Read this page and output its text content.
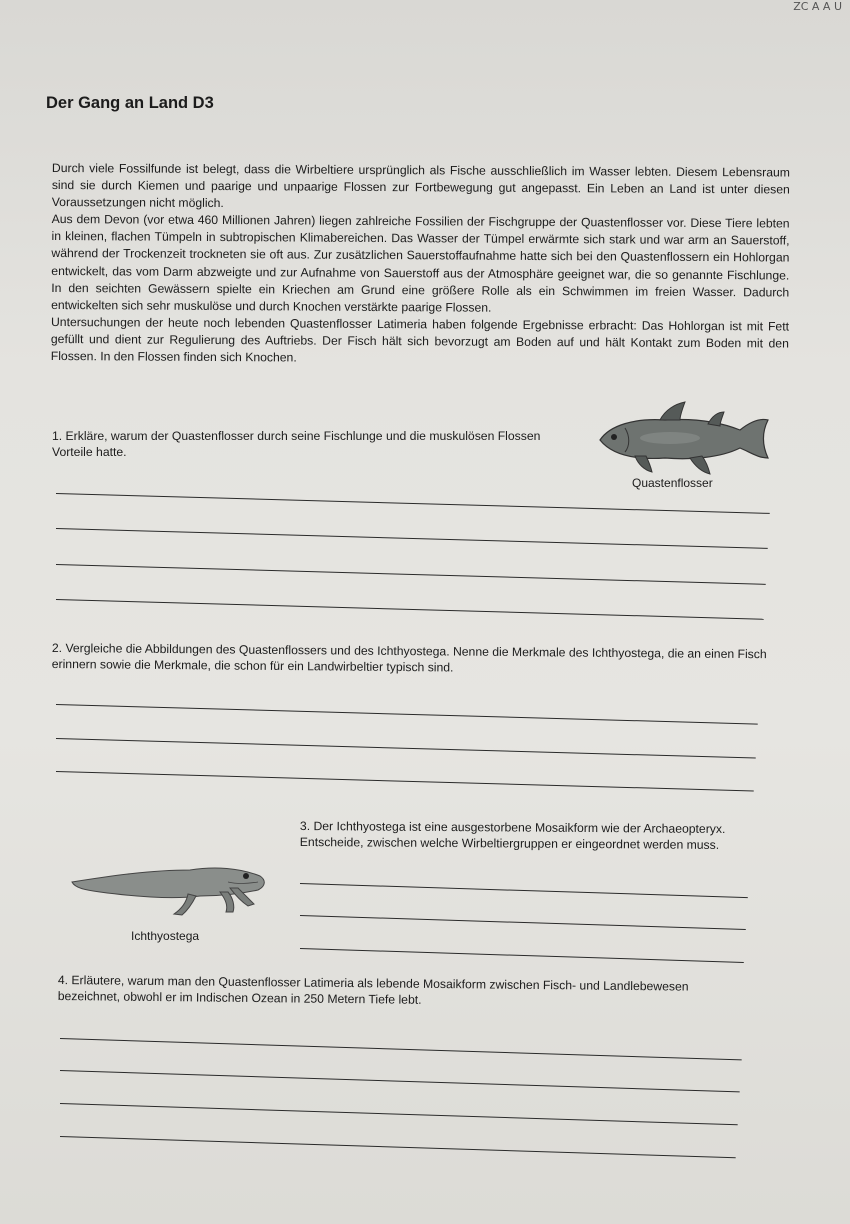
ZC A A U
Der Gang an Land D3

Durch viele Fossilfunde ist belegt, dass die Wirbeltiere ursprünglich als Fische ausschließlich im Wasser lebten. Diesem Lebensraum sind sie durch Kiemen und paarige und unpaarige Flossen zur Fortbewegung gut angepasst. Ein Leben an Land ist unter diesen Voraussetzungen nicht möglich.

Aus dem Devon (vor etwa 460 Millionen Jahren) liegen zahlreiche Fossilien der Fischgruppe der Quastenflosser vor. Diese Tiere lebten in kleinen, flachen Tümpeln in subtropischen Klimabereichen. Das Wasser der Tümpel erwärmte sich stark und war arm an Sauerstoff, während der Trockenzeit trockneten sie oft aus. Zur zusätzlichen Sauerstoffaufnahme hatte sich bei den Quastenflossern ein Hohlorgan entwickelt, das vom Darm abzweigte und zur Aufnahme von Sauerstoff aus der Atmosphäre geeignet war, die so genannte Fischlunge. In den seichten Gewässern spielte ein Kriechen am Grund eine größere Rolle als ein Schwimmen im freien Wasser. Dadurch entwickelten sich sehr muskulöse und durch Knochen verstärkte paarige Flossen.

Untersuchungen der heute noch lebenden Quastenflosser Latimeria haben folgende Ergebnisse erbracht: Das Hohlorgan ist mit Fett gefüllt und dient zur Regulierung des Auftriebs. Der Fisch hält sich bevorzugt am Boden auf und hält Kontakt zum Boden mit den Flossen. In den Flossen finden sich Knochen.

1. Erkläre, warum der Quastenflosser durch seine Fischlunge und die muskulösen Flossen Vorteile hatte.
Quastenflosser
2. Vergleiche die Abbildungen des Quastenflossers und des Ichthyostega. Nenne die Merkmale des Ichthyostega, die an einen Fisch erinnern sowie die Merkmale, die schon für ein Landwirbeltier typisch sind.
3. Der Ichthyostega ist eine ausgestorbene Mosaikform wie der Archaeopteryx. Entscheide, zwischen welche Wirbeltiergruppen er eingeordnet werden muss.
Ichthyostega
4. Erläutere, warum man den Quastenflosser Latimeria als lebende Mosaikform zwischen Fisch- und Landlebewesen bezeichnet, obwohl er im Indischen Ozean in 250 Metern Tiefe lebt.
